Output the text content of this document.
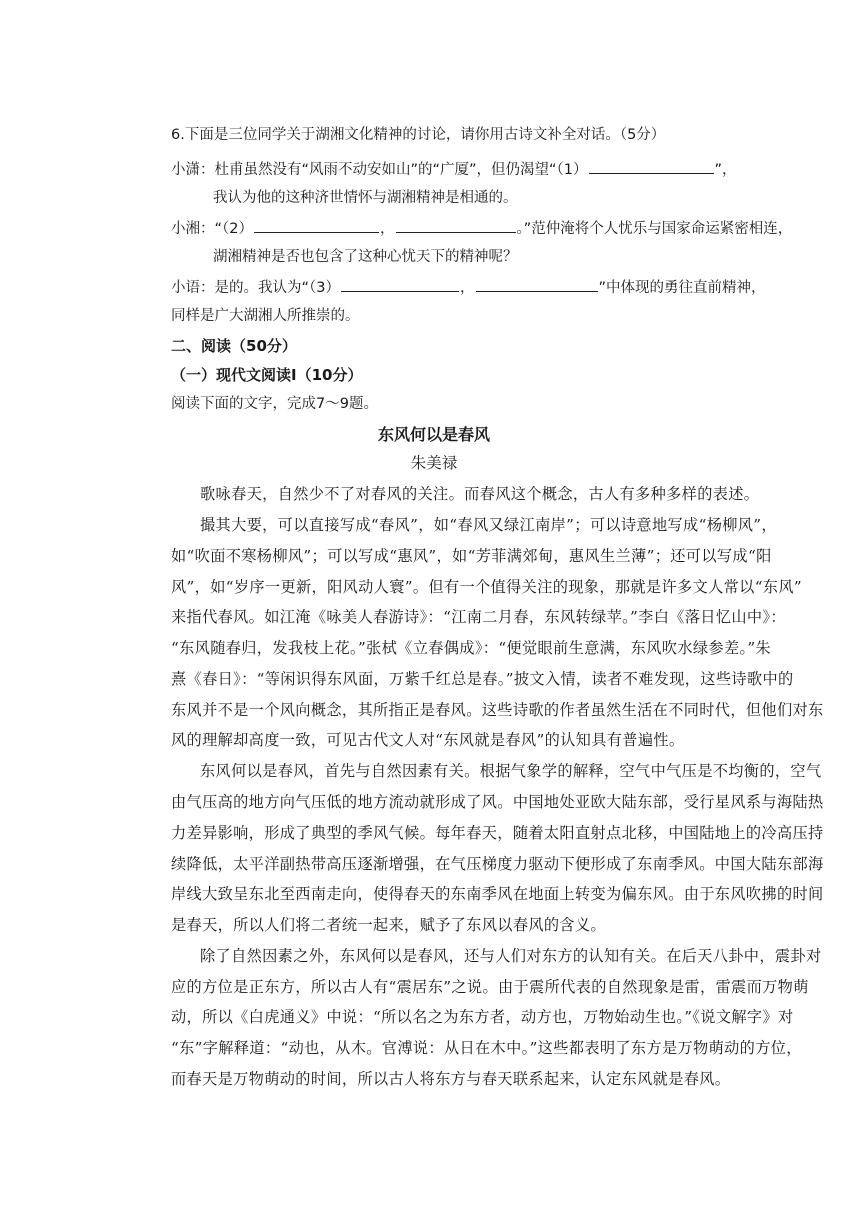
6.下面是三位同学关于湖湘文化精神的讨论，请你用古诗文补全对话。（5分）
小潇：杜甫虽然没有“风雨不动安如山”的“广厦”，但仍渴望“（1）	”，
我认为他的这种济世情怀与湖湘精神是相通的。
小湘：“（2）	，	。”范仲淹将个人忧乐与国家命运紧密相连，
湖湘精神是否也包含了这种心忧天下的精神呢？
小语：是的。我认为“（3）	，	”中体现的勇往直前精神，
同样是广大湖湘人所推崇的。
二、阅读（50分）
（一）现代文阅读Ⅰ（10分）
阅读下面的文字，完成7～9题。
东风何以是春风
朱美禄
歌咏春天，自然少不了对春风的关注。而春风这个概念，古人有多种多样的表述。
撮其大要，可以直接写成“春风”，如“春风又绿江南岸”；可以诗意地写成“杨柳风”，
如“吹面不寒杨柳风”；可以写成“惠风”，如“芳菲满郊甸，惠风生兰薄”；还可以写成“阳
风”，如“岁序一更新，阳风动人寰”。但有一个值得关注的现象，那就是许多文人常以“东风”
来指代春风。如江淹《咏美人春游诗》：“江南二月春，东风转绿苹。”李白《落日忆山中》：
“东风随春归，发我枝上花。”张栻《立春偶成》：“便觉眼前生意满，东风吹水绿参差。”朱
熹《春日》：“等闲识得东风面，万紫千红总是春。”披文入情，读者不难发现，这些诗歌中的
东风并不是一个风向概念，其所指正是春风。这些诗歌的作者虽然生活在不同时代，但他们对东
风的理解却高度一致，可见古代文人对“东风就是春风”的认知具有普遍性。
东风何以是春风，首先与自然因素有关。根据气象学的解释，空气中气压是不均衡的，空气
由气压高的地方向气压低的地方流动就形成了风。中国地处亚欧大陆东部，受行星风系与海陆热
力差异影响，形成了典型的季风气候。每年春天，随着太阳直射点北移，中国陆地上的冷高压持
续降低，太平洋副热带高压逐渐增强，在气压梯度力驱动下便形成了东南季风。中国大陆东部海
岸线大致呈东北至西南走向，使得春天的东南季风在地面上转变为偏东风。由于东风吹拂的时间
是春天，所以人们将二者统一起来，赋予了东风以春风的含义。
除了自然因素之外，东风何以是春风，还与人们对东方的认知有关。在后天八卦中，震卦对
应的方位是正东方，所以古人有“震居东”之说。由于震所代表的自然现象是雷，雷震而万物萌
动，所以《白虎通义》中说：“所以名之为东方者，动方也，万物始动生也。”《说文解字》对
“东”字解释道：“动也，从木。官溥说：从日在木中。”这些都表明了东方是万物萌动的方位，
而春天是万物萌动的时间，所以古人将东方与春天联系起来，认定东风就是春风。
